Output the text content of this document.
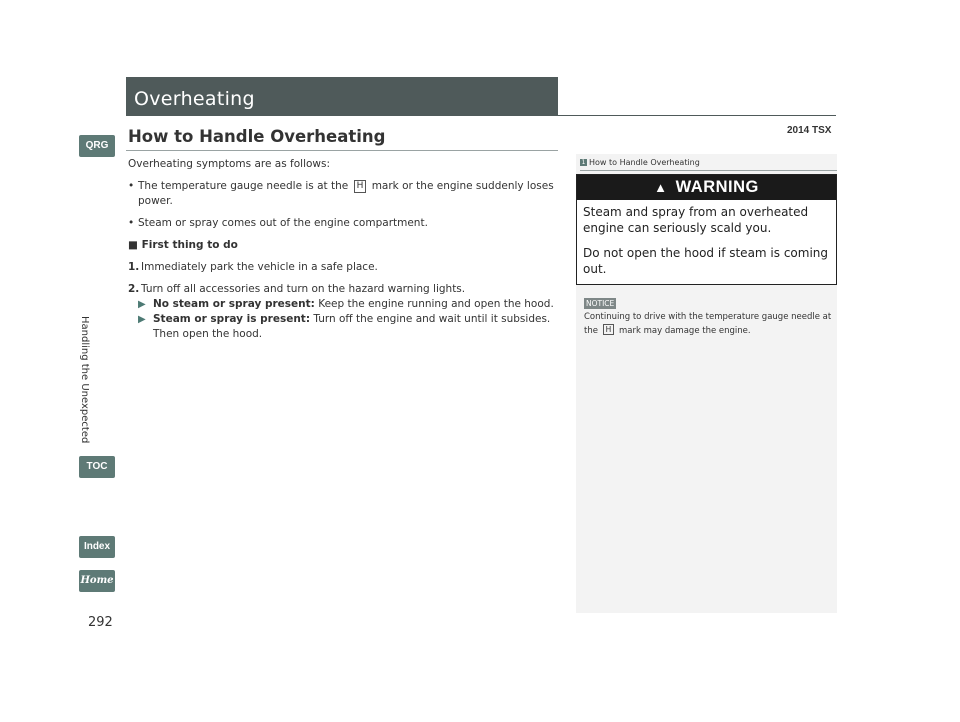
Overheating
2014 TSX
QRG
Handling the Unexpected
TOC
Index
Home
292
How to Handle Overheating

Overheating symptoms are as follows:

• The temperature gauge needle is at the H mark or the engine suddenly loses power.
• Steam or spray comes out of the engine compartment.

■ First thing to do

1. Immediately park the vehicle in a safe place.
2. Turn off all accessories and turn on the hazard warning lights.
▶ No steam or spray present: Keep the engine running and open the hood.
▶ Steam or spray is present: Turn off the engine and wait until it subsides. Then open the hood.
1 How to Handle Overheating
▲ WARNING

Steam and spray from an overheated engine can seriously scald you.

Do not open the hood if steam is coming out.

NOTICE
Continuing to drive with the temperature gauge needle at the H mark may damage the engine.
